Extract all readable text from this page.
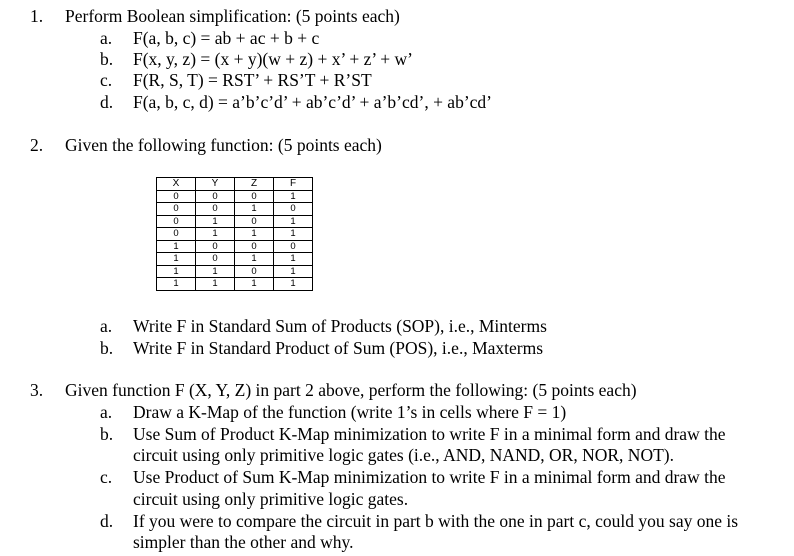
1. Perform Boolean simplification: (5 points each)
a. F(a, b, c) = ab + ac + b + c
b. F(x, y, z) = (x + y)(w + z) + x’ + z’ + w’
c. F(R, S, T) = RST’ + RS’T + R’ST
d. F(a, b, c, d) = a’b’c’d’ + ab’c’d’ + a’b’cd’, + ab’cd’
2. Given the following function: (5 points each)
X	Y	Z	F
0	0	0	1
0	0	1	0
0	1	0	1
0	1	1	1
1	0	0	0
1	0	1	1
1	1	0	1
1	1	1	1
a. Write F in Standard Sum of Products (SOP), i.e., Minterms
b. Write F in Standard Product of Sum (POS), i.e., Maxterms
3. Given function F (X, Y, Z) in part 2 above, perform the following: (5 points each)
a. Draw a K-Map of the function (write 1’s in cells where F = 1)
b. Use Sum of Product K-Map minimization to write F in a minimal form and draw the
circuit using only primitive logic gates (i.e., AND, NAND, OR, NOR, NOT).
c. Use Product of Sum K-Map minimization to write F in a minimal form and draw the
circuit using only primitive logic gates.
d. If you were to compare the circuit in part b with the one in part c, could you say one is
simpler than the other and why.
